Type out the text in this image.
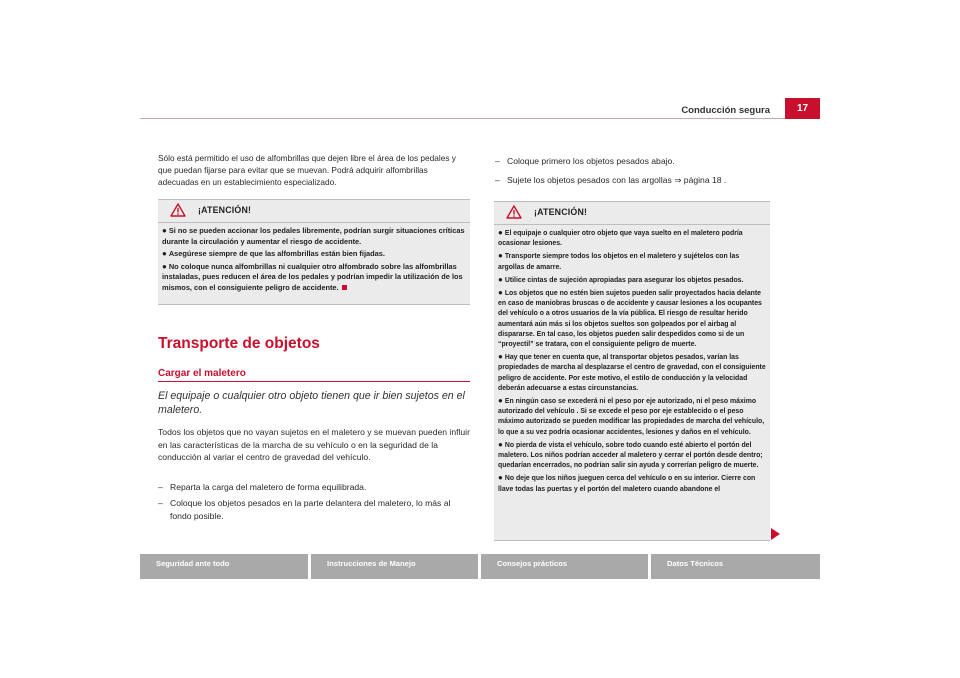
Conducción segura	17

Sólo está permitido el uso de alfombrillas que dejen libre el área de los pedales y que puedan fijarse para evitar que se muevan. Podrá adquirir alfombrillas adecuadas en un establecimiento especializado.

¡ATENCIÓN!

● Si no se pueden accionar los pedales libremente, podrían surgir situaciones críticas durante la circulación y aumentar el riesgo de accidente.

● Asegúrese siempre de que las alfombrillas están bien fijadas.

● No coloque nunca alfombrillas ni cualquier otro alfombrado sobre las alfombrillas instaladas, pues reducen el área de los pedales y podrían impedir la utilización de los mismos, con el consiguiente peligro de accidente.

Transporte de objetos
Cargar el maletero
El equipaje o cualquier otro objeto tienen que ir bien sujetos en el maletero.

Todos los objetos que no vayan sujetos en el maletero y se muevan pueden influir en las características de la marcha de su vehículo o en la seguridad de la conducción al variar el centro de gravedad del vehículo.

– Reparta la carga del maletero de forma equilibrada.
– Coloque los objetos pesados en la parte delantera del maletero, lo más al fondo posible.
– Coloque primero los objetos pesados abajo.
– Sujete los objetos pesados con las argollas ⇒ página 18 .
¡ATENCIÓN!

● El equipaje o cualquier otro objeto que vaya suelto en el maletero podría ocasionar lesiones.

● Transporte siempre todos los objetos en el maletero y sujételos con las argollas de amarre.

● Utilice cintas de sujeción apropiadas para asegurar los objetos pesados.

● Los objetos que no estén bien sujetos pueden salir proyectados hacia delante en caso de maniobras bruscas o de accidente y causar lesiones a los ocupantes del vehículo o a otros usuarios de la vía pública. El riesgo de resultar herido aumentará aún más si los objetos sueltos son golpeados por el airbag al dispararse. En tal caso, los objetos pueden salir despedidos como si de un “proyectil” se tratara, con el consiguiente peligro de muerte.

● Hay que tener en cuenta que, al transportar objetos pesados, varían las propiedades de marcha al desplazarse el centro de gravedad, con el consiguiente peligro de accidente. Por este motivo, el estilo de conducción y la velocidad deberán adecuarse a estas circunstancias.

● En ningún caso se excederá ni el peso por eje autorizado, ni el peso máximo autorizado del vehículo . Si se excede el peso por eje establecido o el peso máximo autorizado se pueden modificar las propiedades de marcha del vehículo, lo que a su vez podría ocasionar accidentes, lesiones y daños en el vehículo.

● No pierda de vista el vehículo, sobre todo cuando esté abierto el portón del maletero. Los niños podrían acceder al maletero y cerrar el portón desde dentro; quedarían encerrados, no podrían salir sin ayuda y correrían peligro de muerte.

● No deje que los niños jueguen cerca del vehículo o en su interior. Cierre con llave todas las puertas y el portón del maletero cuando abandone el

Seguridad ante todo	Instrucciones de Manejo	Consejos prácticos	Datos Técnicos
